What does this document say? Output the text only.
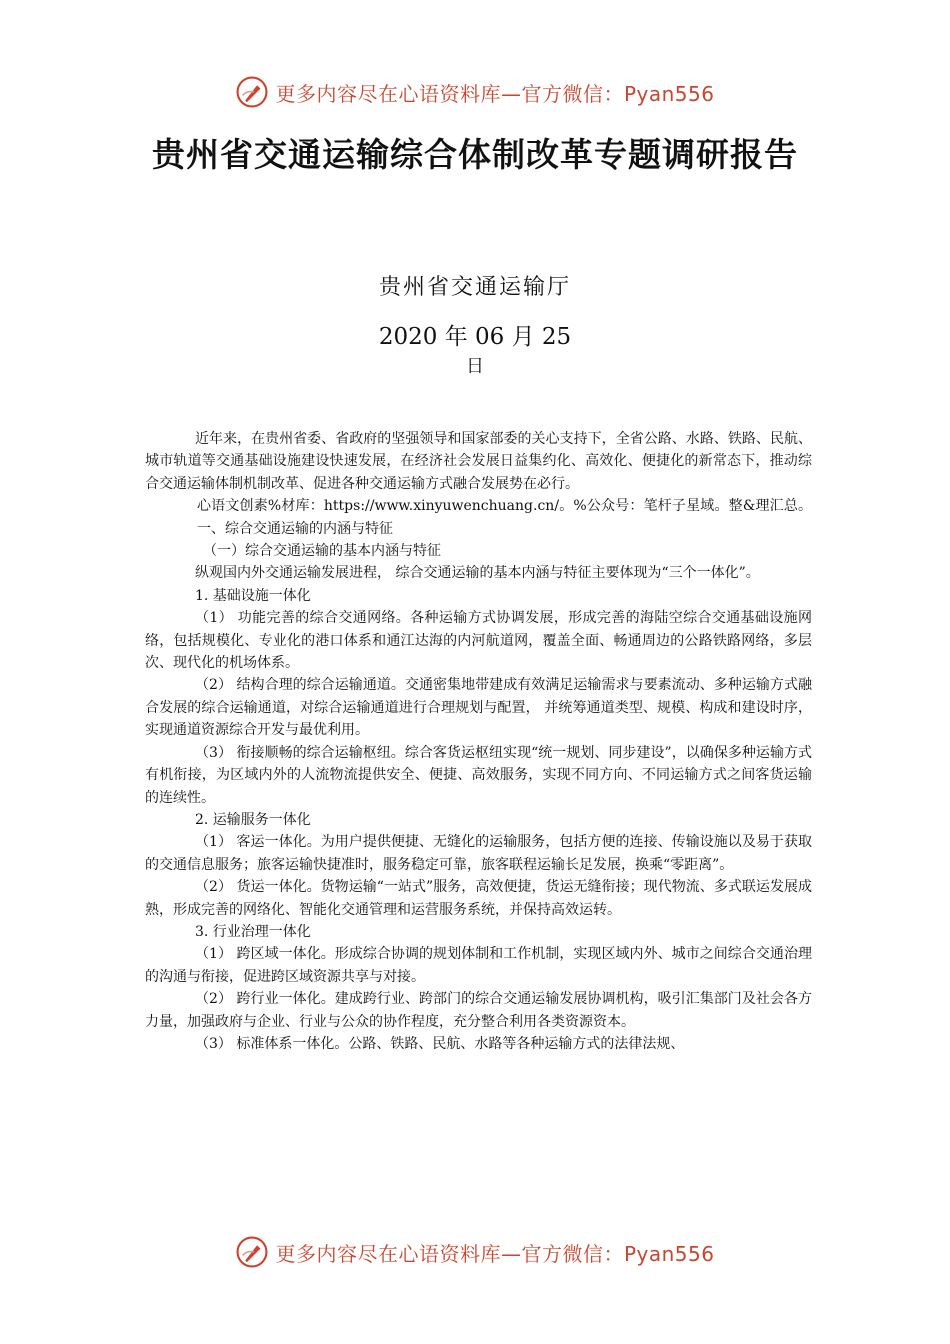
更多内容尽在心语资料库—官方微信：Pyan556
贵州省交通运输综合体制改革专题调研报告

贵州省交通运输厅

2020 年 06 月 25

日

近年来，在贵州省委、省政府的坚强领导和国家部委的关心支持下，全省公路、水路、铁路、民航、城市轨道等交通基础设施建设快速发展，在经济社会发展日益集约化、高效化、便捷化的新常态下，推动综合交通运输体制机制改革、促进各种交通运输方式融合发展势在必行。

心语文创素%材库：https://www.xinyuwenchuang.cn/。%公众号：笔杆子星域。整&理汇总。一、综合交通运输的内涵与特征

（一）综合交通运输的基本内涵与特征

纵观国内外交通运输发展进程， 综合交通运输的基本内涵与特征主要体现为“三个一体化”。

1. 基础设施一体化

（1） 功能完善的综合交通网络。各种运输方式协调发展，形成完善的海陆空综合交通基础设施网络，包括规模化、专业化的港口体系和通江达海的内河航道网，覆盖全面、畅通周边的公路铁路网络，多层次、现代化的机场体系。

（2） 结构合理的综合运输通道。交通密集地带建成有效满足运输需求与要素流动、多种运输方式融合发展的综合运输通道，对综合运输通道进行合理规划与配置， 并统筹通道类型、规模、构成和建设时序，实现通道资源综合开发与最优利用。

（3） 衔接顺畅的综合运输枢纽。综合客货运枢纽实现“统一规划、同步建设”，以确保多种运输方式有机衔接，为区域内外的人流物流提供安全、便捷、高效服务，实现不同方向、不同运输方式之间客货运输的连续性。

2. 运输服务一体化

（1） 客运一体化。为用户提供便捷、无缝化的运输服务，包括方便的连接、传输设施以及易于获取的交通信息服务；旅客运输快捷准时，服务稳定可靠，旅客联程运输长足发展，换乘“零距离”。

（2） 货运一体化。货物运输“一站式”服务，高效便捷，货运无缝衔接；现代物流、多式联运发展成熟，形成完善的网络化、智能化交通管理和运营服务系统，并保持高效运转。

3. 行业治理一体化

（1） 跨区域一体化。形成综合协调的规划体制和工作机制，实现区域内外、城市之间综合交通治理的沟通与衔接，促进跨区域资源共享与对接。

（2） 跨行业一体化。建成跨行业、跨部门的综合交通运输发展协调机构，吸引汇集部门及社会各方力量，加强政府与企业、行业与公众的协作程度，充分整合利用各类资源资本。

（3） 标准体系一体化。公路、铁路、民航、水路等各种运输方式的法律法规、

更多内容尽在心语资料库—官方微信：Pyan556
